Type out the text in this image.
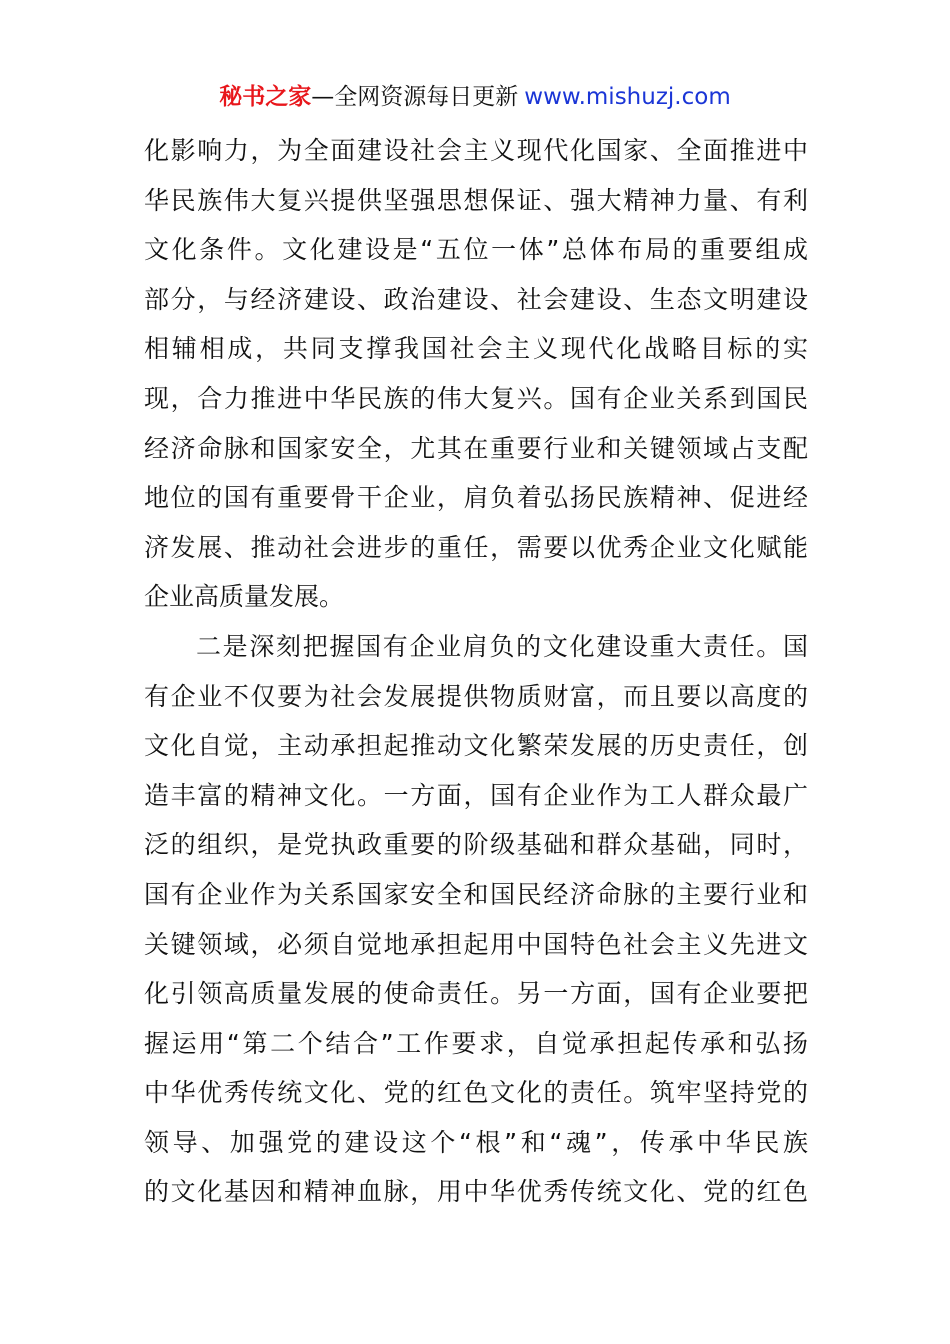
秘书之家—全网资源每日更新 www.mishuzj.com
化影响力，为全面建设社会主义现代化国家、全面推进中
华民族伟大复兴提供坚强思想保证、强大精神力量、有利
文化条件。文化建设是“五位一体”总体布局的重要组成
部分，与经济建设、政治建设、社会建设、生态文明建设
相辅相成，共同支撑我国社会主义现代化战略目标的实
现，合力推进中华民族的伟大复兴。国有企业关系到国民
经济命脉和国家安全，尤其在重要行业和关键领域占支配
地位的国有重要骨干企业，肩负着弘扬民族精神、促进经
济发展、推动社会进步的重任，需要以优秀企业文化赋能
企业高质量发展。
二是深刻把握国有企业肩负的文化建设重大责任。国
有企业不仅要为社会发展提供物质财富，而且要以高度的
文化自觉，主动承担起推动文化繁荣发展的历史责任，创
造丰富的精神文化。一方面，国有企业作为工人群众最广
泛的组织，是党执政重要的阶级基础和群众基础，同时，
国有企业作为关系国家安全和国民经济命脉的主要行业和
关键领域，必须自觉地承担起用中国特色社会主义先进文
化引领高质量发展的使命责任。另一方面，国有企业要把
握运用“第二个结合”工作要求，自觉承担起传承和弘扬
中华优秀传统文化、党的红色文化的责任。筑牢坚持党的
领导、加强党的建设这个“根”和“魂”，传承中华民族
的文化基因和精神血脉，用中华优秀传统文化、党的红色
